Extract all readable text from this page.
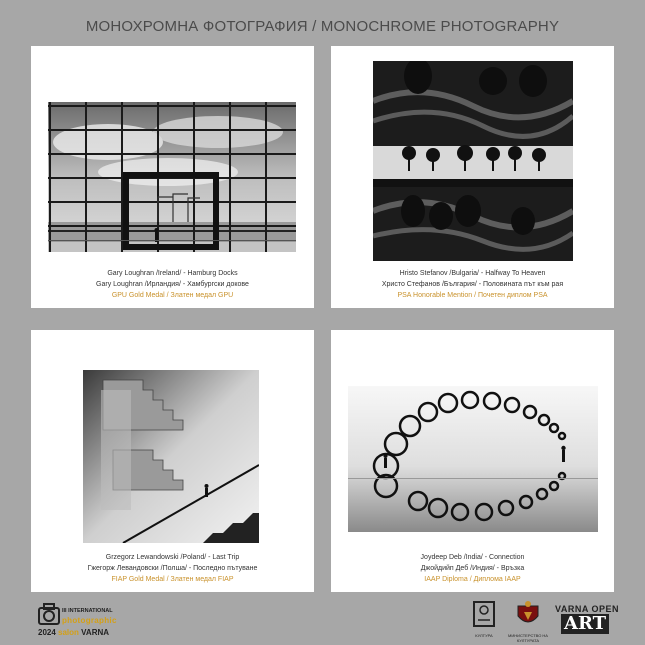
МОНОХРОМНА ФОТОГРАФИЯ / MONOCHROME PHOTOGRAPHY
Gary Loughran /Ireland/ - Hamburg Docks
Gary Loughran /Ирландия/ - Хамбургски докове
GPU Gold Medal / Златен медал GPU
Hristo Stefanov /Bulgaria/ - Halfway To Heaven
Христо Стефанов /България/ - Половината път към рая
PSA Honorable Mention / Почетен диплом PSA
Grzegorz Lewandowski /Poland/ - Last Trip
Гжегорж Левандовски /Полша/ - Последно пътуване
FIAP Gold Medal / Златен медал FIAP
Joydeep Deb /India/ - Connection
Джойдийп Деб /Индия/ - Връзка
IAAP Diploma / Диплома IAAP
III INTERNATIONAL
photographic
2024 salon VARNA	КУЛТУРА	МИНИСТЕРСТВО НА КУЛТУРАТА
VARNA OPEN
ART
